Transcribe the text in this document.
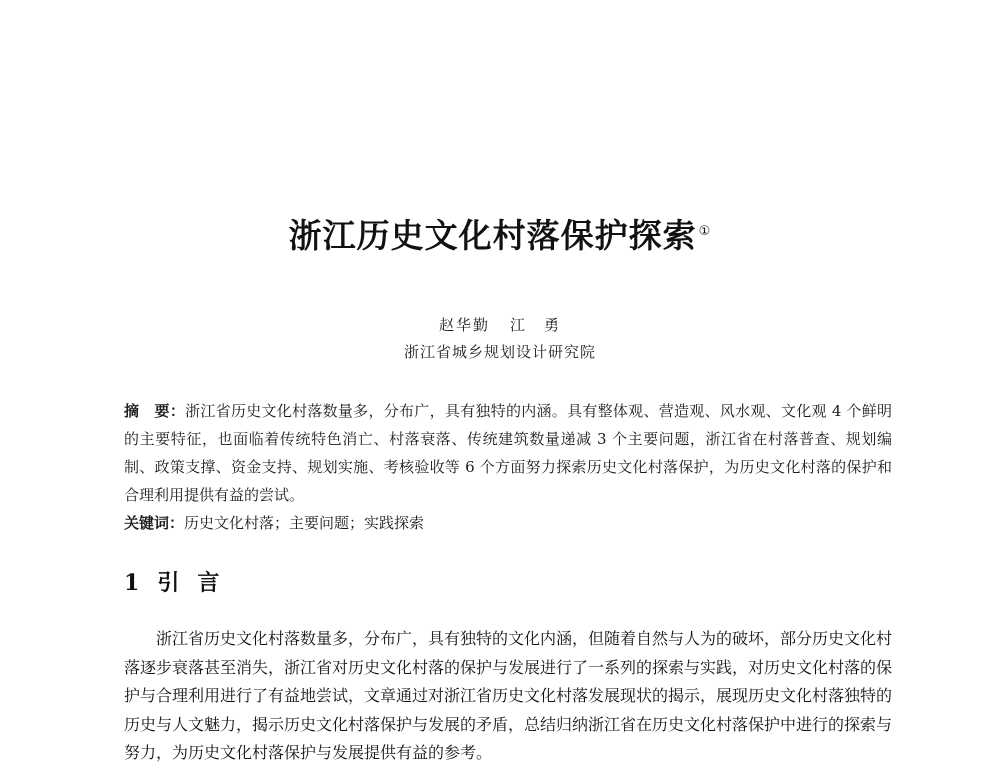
浙江历史文化村落保护探索 ①
赵华勤 江　勇
浙江省城乡规划设计研究院
摘　要：浙江省历史文化村落数量多，分布广，具有独特的内涵。具有整体观、营造观、风水观、文化观 4 个鲜明的主要特征，也面临着传统特色消亡、村落衰落、传统建筑数量递减 3 个主要问题，浙江省在村落普查、规划编制、政策支撑、资金支持、规划实施、考核验收等 6 个方面努力探索历史文化村落保护，为历史文化村落的保护和合理利用提供有益的尝试。
关键词：历史文化村落；主要问题；实践探索
1 引言
浙江省历史文化村落数量多，分布广，具有独特的文化内涵，但随着自然与人为的破坏，部分历史文化村落逐步衰落甚至消失，浙江省对历史文化村落的保护与发展进行了一系列的探索与实践，对历史文化村落的保护与合理利用进行了有益地尝试，文章通过对浙江省历史文化村落发展现状的揭示，展现历史文化村落独特的历史与人文魅力，揭示历史文化村落保护与发展的矛盾，总结归纳浙江省在历史文化村落保护中进行的探索与努力，为历史文化村落保护与发展提供有益的参考。
